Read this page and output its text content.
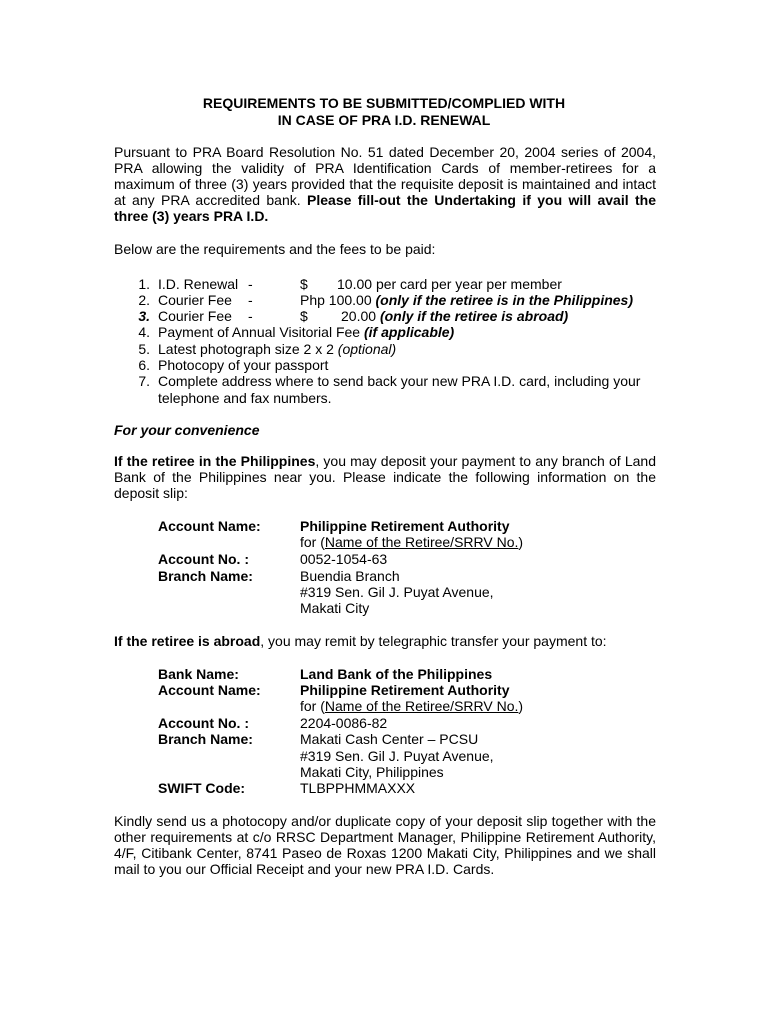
REQUIREMENTS TO BE SUBMITTED/COMPLIED WITH
IN CASE OF PRA I.D. RENEWAL
Pursuant to PRA Board Resolution No. 51 dated December 20, 2004 series of 2004, PRA allowing the validity of PRA Identification Cards of member-retirees for a maximum of three (3) years provided that the requisite deposit is maintained and intact at any PRA accredited bank. Please fill-out the Undertaking if you will avail the three (3) years PRA I.D.
Below are the requirements and the fees to be paid:
1. I.D. Renewal -	$ 10.00 per card per year per member
2. Courier Fee -	Php 100.00 (only if the retiree is in the Philippines)
3. Courier Fee -	$ 20.00 (only if the retiree is abroad)
4. Payment of Annual Visitorial Fee (if applicable)
5. Latest photograph size 2 x 2 (optional)
6. Photocopy of your passport
7. Complete address where to send back your new PRA I.D. card, including your
telephone and fax numbers.
For your convenience
If the retiree in the Philippines, you may deposit your payment to any branch of Land Bank of the Philippines near you. Please indicate the following information on the deposit slip:
Account Name:	Philippine Retirement Authority
for (Name of the Retiree/SRRV No.)
Account No. :	0052-1054-63
Branch Name:	Buendia Branch
#319 Sen. Gil J. Puyat Avenue,
Makati City
If the retiree is abroad, you may remit by telegraphic transfer your payment to:
Bank Name:	Land Bank of the Philippines
Account Name:	Philippine Retirement Authority
for (Name of the Retiree/SRRV No.)
Account No. :	2204-0086-82
Branch Name:	Makati Cash Center – PCSU
#319 Sen. Gil J. Puyat Avenue,
Makati City, Philippines
SWIFT Code:	TLBPPHMMAXXX
Kindly send us a photocopy and/or duplicate copy of your deposit slip together with the other requirements at c/o RRSC Department Manager, Philippine Retirement Authority, 4/F, Citibank Center, 8741 Paseo de Roxas 1200 Makati City, Philippines and we shall mail to you our Official Receipt and your new PRA I.D. Cards.
